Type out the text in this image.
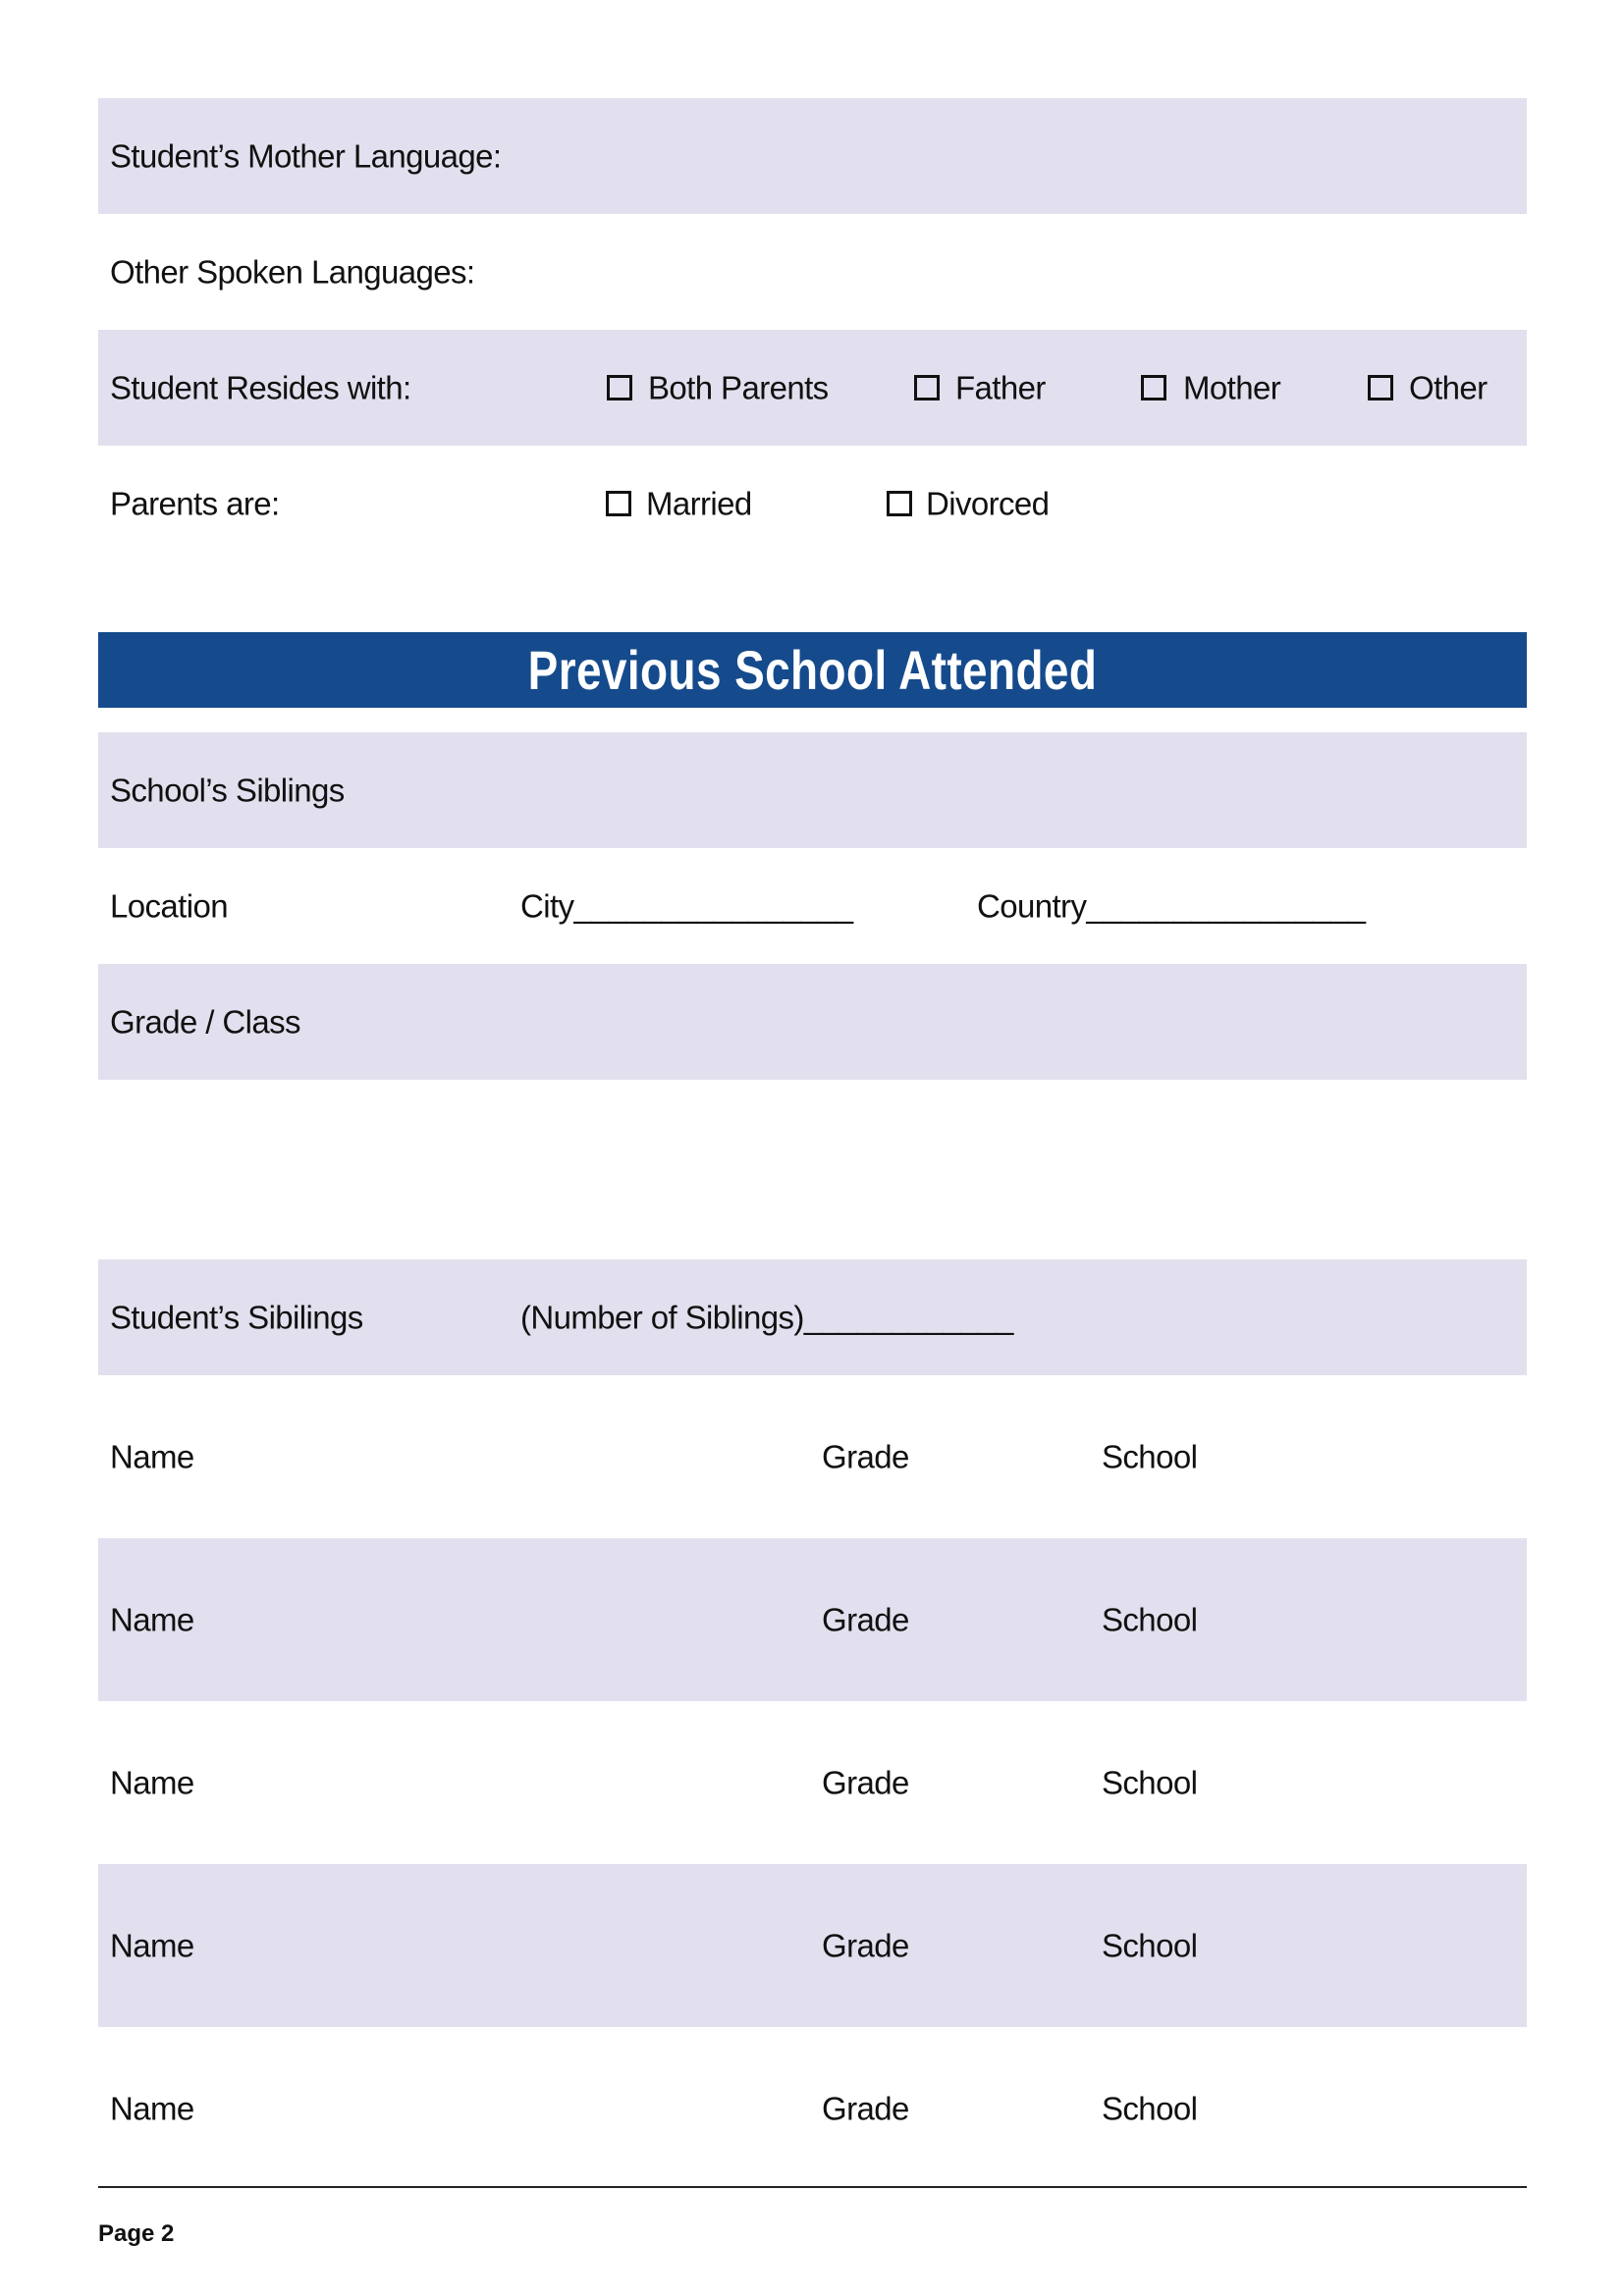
Student’s Mother Language:
Other Spoken Languages:
Student Resides with:	Both Parents	Father	Mother	Other
Parents are:	Married	Divorced
Previous School Attended
School’s Siblings
Location	City________________	Country________________
Grade / Class
Student’s Sibilings	(Number of Siblings)____________
Name	Grade	School
Name	Grade	School
Name	Grade	School
Name	Grade	School
Name	Grade	School
Page 2
